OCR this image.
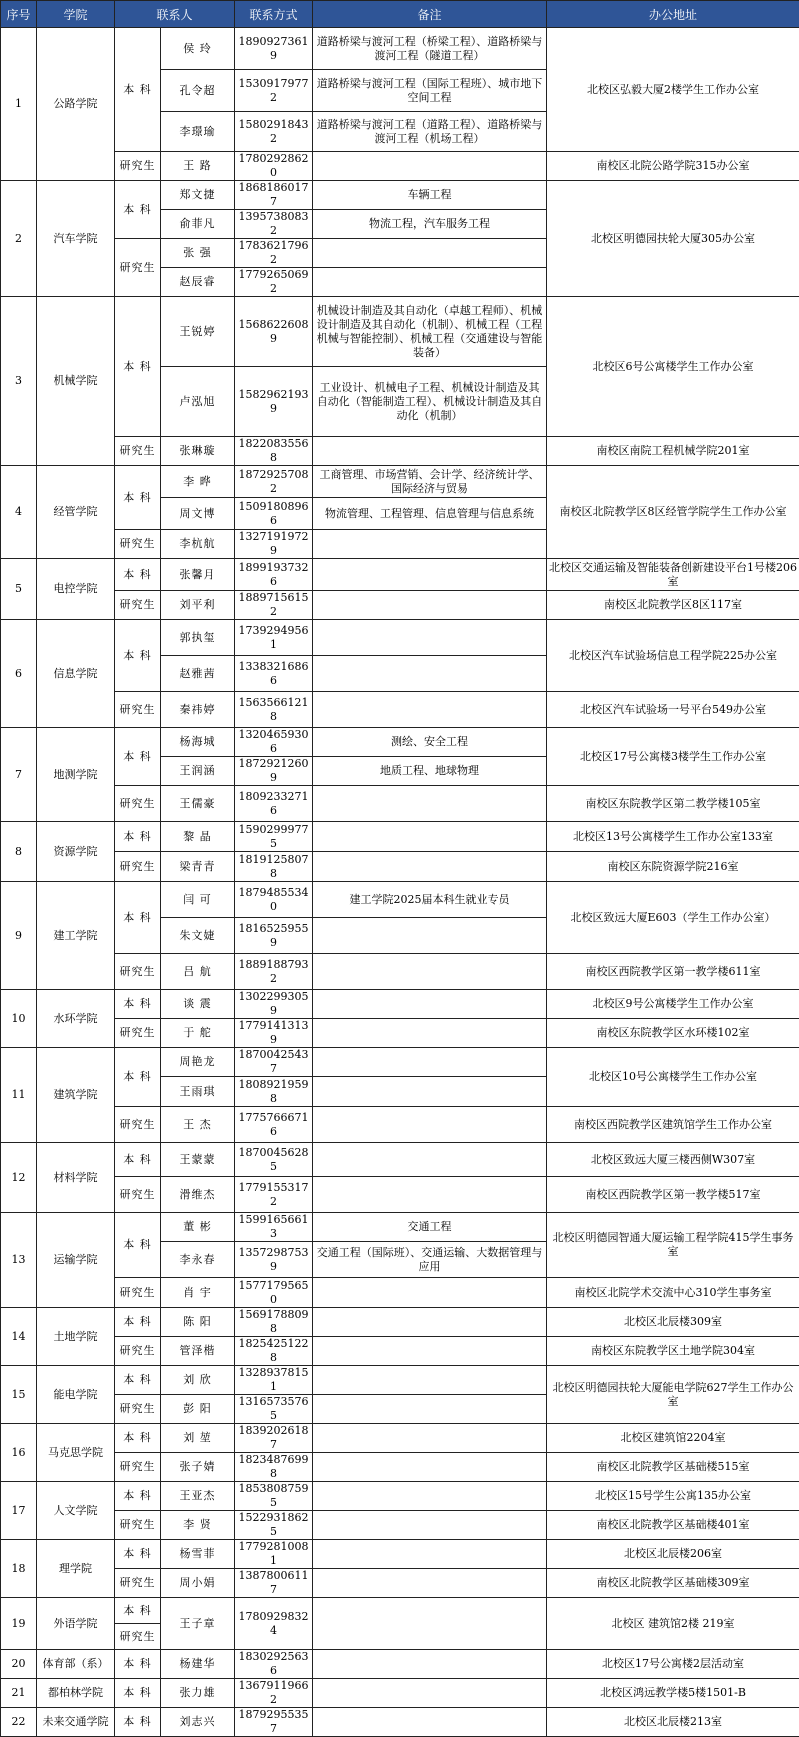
序号	学院	联系人		联系方式	备注	办公地址
1	公路学院	本 科	侯 玲	18909273619	道路桥梁与渡河工程（桥梁工程）、道路桥梁与渡河工程（隧道工程）	北校区弘毅大厦2楼学生工作办公室
			孔令超	15309179772	道路桥梁与渡河工程（国际工程班）、城市地下空间工程	
			李璟瑜	15802918432	道路桥梁与渡河工程（道路工程）、道路桥梁与渡河工程（机场工程）	
		研究生	王 路	17802928620		南校区北院公路学院315办公室
2	汽车学院	本 科	郑文捷	18681860177	车辆工程	北校区明德园扶轮大厦305办公室
			俞菲凡	13957380832	物流工程，汽车服务工程	
		研究生	张 强	17836217962		
			赵辰睿	17792650692		
3	机械学院	本 科	王锐婷	15686226089	机械设计制造及其自动化（卓越工程师）、机械设计制造及其自动化（机制）、机械工程（工程机械与智能控制）、机械工程（交通建设与智能装备）	北校区6号公寓楼学生工作办公室
			卢泓旭	15829621939	工业设计、机械电子工程、机械设计制造及其自动化（智能制造工程）、机械设计制造及其自动化（机制）	
		研究生	张琳璇	18220835568		南校区南院工程机械学院201室
4	经管学院	本 科	李 晔	18729257082	工商管理、市场营销、会计学、经济统计学、国际经济与贸易	南校区北院教学区8区经管学院学生工作办公室
			周文博	15091808966	物流管理、工程管理、信息管理与信息系统	
		研究生	李杭航	13271919729		
5	电控学院	本 科	张馨月	18991937326		北校区交通运输及智能装备创新建设平台1号楼206室
		研究生	刘平利	18897156152		南校区北院教学区8区117室
6	信息学院	本 科	郭执玺	17392949561		北校区汽车试验场信息工程学院225办公室
			赵雅茜	13383216866		
		研究生	秦祎婷	15635661218		北校区汽车试验场一号平台549办公室
7	地测学院	本 科	杨海城	13204659306	测绘、安全工程	北校区17号公寓楼3楼学生工作办公室
			王润涵	18729212609	地质工程、地球物理	
		研究生	王儒豪	18092332716		南校区东院教学区第二教学楼105室
8	资源学院	本 科	黎 晶	15902999775		北校区13号公寓楼学生工作办公室133室
		研究生	梁青青	18191258078		南校区东院资源学院216室
9	建工学院	本 科	闫 可	18794855340	建工学院2025届本科生就业专员	北校区致远大厦E603（学生工作办公室）
			朱文婕	18165259559		
		研究生	吕 航	18891887932		南校区西院教学区第一教学楼611室
10	水环学院	本 科	谈 震	13022993059		北校区9号公寓楼学生工作办公室
		研究生	于 舵	17791413139		南校区东院教学区水环楼102室
11	建筑学院	本 科	周艳龙	18700425437		北校区10号公寓楼学生工作办公室
			王雨琪	18089219598		
		研究生	王 杰	17757666716		南校区西院教学区建筑馆学生工作办公室
12	材料学院	本 科	王蒙蒙	18700456285		北校区致远大厦三楼西侧W307室
		研究生	滑维杰	17791553172		南校区西院教学区第一教学楼517室
13	运输学院	本 科	董 彬	15991656613	交通工程	北校区明德园智通大厦运输工程学院415学生事务室
			李永春	13572987539	交通工程（国际班）、交通运输、大数据管理与应用	
		研究生	肖 宇	15771795650		南校区北院学术交流中心310学生事务室
14	土地学院	本 科	陈 阳	15691788098		北校区北辰楼309室
		研究生	管泽楷	18254251228		南校区东院教学区土地学院304室
15	能电学院	本 科	刘 欣	13289378151		北校区明德园扶轮大厦能电学院627学生工作办公室
		研究生	彭 阳	13165735765		
16	马克思学院	本 科	刘 堃	18392026187		北校区建筑馆2204室
		研究生	张子婧	18234876998		南校区北院教学区基础楼515室
17	人文学院	本 科	王亚杰	18538087595		北校区15号学生公寓135办公室
		研究生	李 贤	15229318625		南校区北院教学区基础楼401室
18	理学院	本 科	杨雪菲	17792810081		北校区北辰楼206室
		研究生	周小娟	13878006117		南校区北院教学区基础楼309室
19	外语学院	本 科	王子章	17809298324		北校区 建筑馆2楼 219室
		研究生				
20	体育部（系）	本 科	杨建华	18302925636		北校区17号公寓楼2层活动室
21	都柏林学院	本 科	张力雄	13679119662		北校区鸿远教学楼5楼1501-B
22	未来交通学院	本 科	刘志兴	18792955357		北校区北辰楼213室
